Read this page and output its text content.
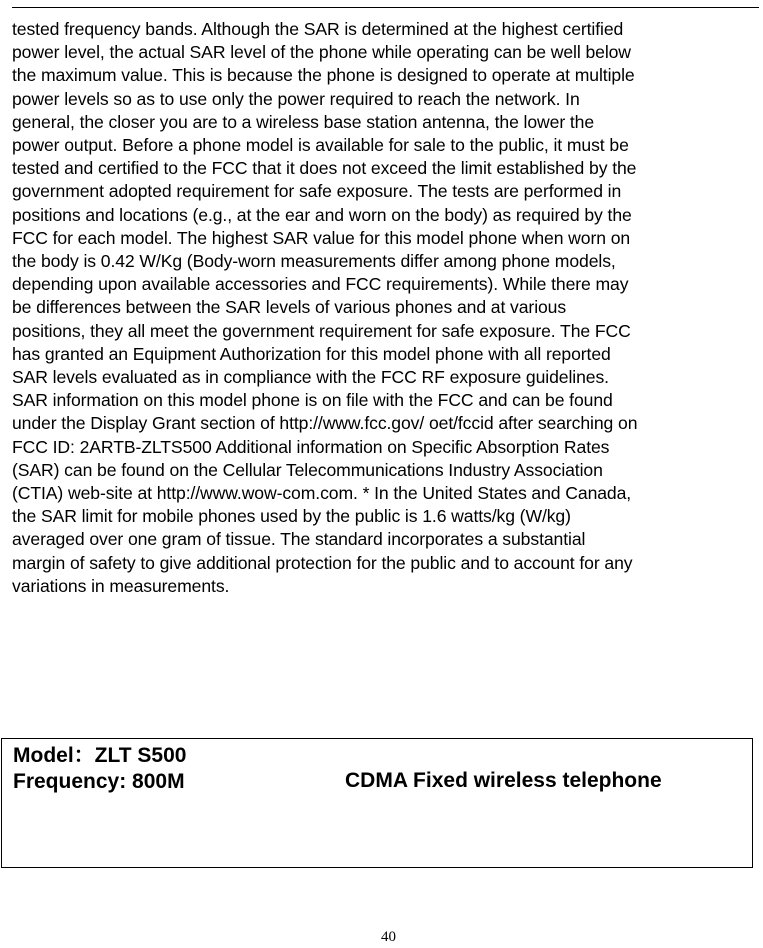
tested frequency bands. Although the SAR is determined at the highest certified
power level, the actual SAR level of the phone while operating can be well below
the maximum value. This is because the phone is designed to operate at multiple
power levels so as to use only the power required to reach the network. In
general, the closer you are to a wireless base station antenna, the lower the
power output. Before a phone model is available for sale to the public, it must be
tested and certified to the FCC that it does not exceed the limit established by the
government adopted requirement for safe exposure. The tests are performed in
positions and locations (e.g., at the ear and worn on the body) as required by the
FCC for each model. The highest SAR value for this model phone when worn on
the body is 0.42 W/Kg (Body-worn measurements differ among phone models,
depending upon available accessories and FCC requirements). While there may
be differences between the SAR levels of various phones and at various
positions, they all meet the government requirement for safe exposure. The FCC
has granted an Equipment Authorization for this model phone with all reported
SAR levels evaluated as in compliance with the FCC RF exposure guidelines.
SAR information on this model phone is on file with the FCC and can be found
under the Display Grant section of http://www.fcc.gov/ oet/fccid after searching on
FCC ID: 2ARTB-ZLTS500 Additional information on Specific Absorption Rates
(SAR) can be found on the Cellular Telecommunications Industry Association
(CTIA) web-site at http://www.wow-com.com. * In the United States and Canada,
the SAR limit for mobile phones used by the public is 1.6 watts/kg (W/kg)
averaged over one gram of tissue. The standard incorporates a substantial
margin of safety to give additional protection for the public and to account for any
variations in measurements.
Model：ZLT S500
Frequency: 800M	CDMA Fixed wireless telephone
40
